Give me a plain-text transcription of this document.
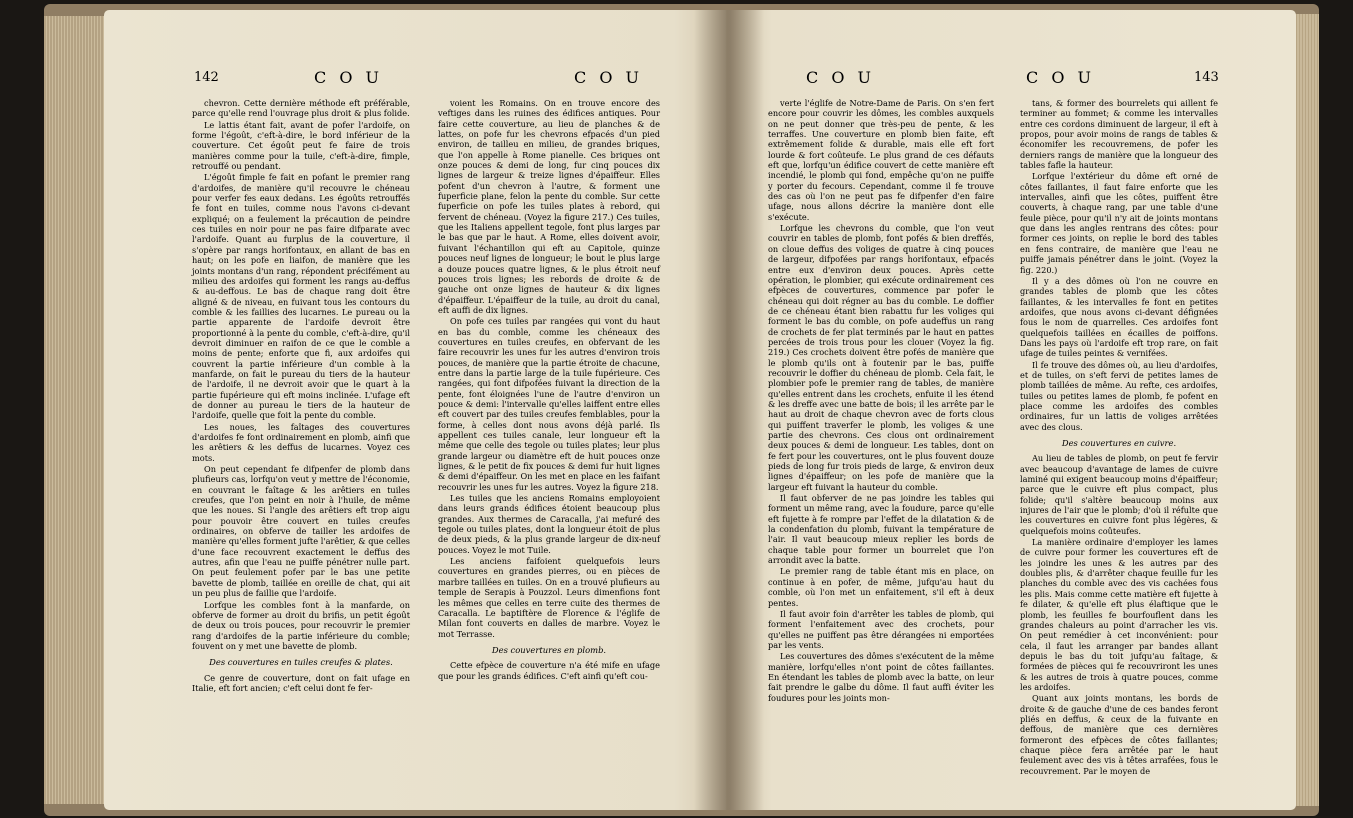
142	C O U	C O U

chevron. Cette dernière méthode eft préférable, parce qu'elle rend l'ouvrage plus droit & plus folide.

Le lattis étant fait, avant de pofer l'ardoife, on forme l'égoût, c'eft-à-dire, le bord inférieur de la couverture. Cet égoût peut fe faire de trois manières comme pour la tuile, c'eft-à-dire, fimple, retrouffé ou pendant.

L'égoût fimple fe fait en pofant le premier rang d'ardoifes, de manière qu'il recouvre le chéneau pour verfer fes eaux dedans. Les égoûts retrouffés fe font en tuiles, comme nous l'avons ci-devant expliqué; on a feulement la précaution de peindre ces tuiles en noir pour ne pas faire difparate avec l'ardoife. Quant au furplus de la couverture, il s'opère par rangs horifontaux, en allant de bas en haut; on les pofe en liaifon, de manière que les joints montans d'un rang, répondent précifément au milieu des ardoifes qui forment les rangs au-deffus & au-deffous. Le bas de chaque rang doit être aligné & de niveau, en fuivant tous les contours du comble & les faillies des lucarnes. Le pureau ou la partie apparente de l'ardoife devroit être proportionné à la pente du comble, c'eft-à-dire, qu'il devroit diminuer en raifon de ce que le comble a moins de pente; enforte que fi, aux ardoifes qui couvrent la partie inférieure d'un comble à la manfarde, on fait le pureau du tiers de la hauteur de l'ardoife, il ne devroit avoir que le quart à la partie fupérieure qui eft moins inclinée. L'ufage eft de donner au pureau le tiers de la hauteur de l'ardoife, quelle que foit la pente du comble.

Les noues, les faîtages des couvertures d'ardoifes fe font ordinairement en plomb, ainfi que les arêtiers & les deffus de lucarnes. Voyez ces mots.

On peut cependant fe difpenfer de plomb dans plufieurs cas, lorfqu'on veut y mettre de l'économie, en couvrant le faîtage & les arêtiers en tuiles creufes, que l'on peint en noir à l'huile, de même que les noues. Si l'angle des arêtiers eft trop aigu pour pouvoir être couvert en tuiles creufes ordinaires, on obferve de tailler les ardoifes de manière qu'elles forment jufte l'arêtier, & que celles d'une face recouvrent exactement le deffus des autres, afin que l'eau ne puiffe pénétrer nulle part. On peut feulement pofer par le bas une petite bavette de plomb, taillée en oreille de chat, qui ait un peu plus de faillie que l'ardoife.

Lorfque les combles font à la manfarde, on obferve de former au droit du brifis, un petit égoût de deux ou trois pouces, pour recouvrir le premier rang d'ardoifes de la partie inférieure du comble; fouvent on y met une bavette de plomb.

Des couvertures en tuiles creufes & plates.

Ce genre de couverture, dont on fait ufage en Italie, eft fort ancien; c'eft celui dont fe fer-

voient les Romains. On en trouve encore des veftiges dans les ruines des édifices antiques. Pour faire cette couverture, au lieu de planches & de lattes, on pofe fur les chevrons efpacés d'un pied environ, de tailleu en milieu, de grandes briques, que l'on appelle à Rome pianelle. Ces briques ont onze pouces & demi de long, fur cinq pouces dix lignes de largeur & treize lignes d'épaiffeur. Elles pofent d'un chevron à l'autre, & forment une fuperficie plane, felon la pente du comble. Sur cette fuperficie on pofe les tuiles plates à rebord, qui fervent de chéneau. (Voyez la figure 217.) Ces tuiles, que les Italiens appellent tegole, font plus larges par le bas que par le haut. A Rome, elles doivent avoir, fuivant l'échantillon qui eft au Capitole, quinze pouces neuf lignes de longueur; le bout le plus large a douze pouces quatre lignes, & le plus étroit neuf pouces trois lignes; les rebords de droite & de gauche ont onze lignes de hauteur & dix lignes d'épaiffeur. L'épaiffeur de la tuile, au droit du canal, eft auffi de dix lignes.

On pofe ces tuiles par rangées qui vont du haut en bas du comble, comme les chéneaux des couvertures en tuiles creufes, en obfervant de les faire recouvrir les unes fur les autres d'environ trois pouces, de manière que la partie étroite de chacune, entre dans la partie large de la tuile fupérieure. Ces rangées, qui font difpofées fuivant la direction de la pente, font éloignées l'une de l'autre d'environ un pouce & demi: l'intervalle qu'elles laiffent entre elles eft couvert par des tuiles creufes femblables, pour la forme, à celles dont nous avons déjà parlé. Ils appellent ces tuiles canale, leur longueur eft la même que celle des tegole ou tuiles plates; leur plus grande largeur ou diamètre eft de huit pouces onze lignes, & le petit de fix pouces & demi fur huit lignes & demi d'épaiffeur. On les met en place en les faifant recouvrir les unes fur les autres. Voyez la figure 218.

Les tuiles que les anciens Romains employoient dans leurs grands édifices étoient beaucoup plus grandes. Aux thermes de Caracalla, j'ai mefuré des tegole ou tuiles plates, dont la longueur étoit de plus de deux pieds, & la plus grande largeur de dix-neuf pouces. Voyez le mot Tuile.

Les anciens faifoient quelquefois leurs couvertures en grandes pierres, ou en pièces de marbre taillées en tuiles. On en a trouvé plufieurs au temple de Serapis à Pouzzol. Leurs dimenfions font les mêmes que celles en terre cuite des thermes de Caracalla. Le baptiftère de Florence & l'églife de Milan font couverts en dalles de marbre. Voyez le mot Terrasse.

Des couvertures en plomb.

Cette efpèce de couverture n'a été mife en ufage que pour les grands édifices. C'eft ainfi qu'eft cou-

C O U	C O U	143

verte l'églife de Notre-Dame de Paris. On s'en fert encore pour couvrir les dômes, les combles auxquels on ne peut donner que très-peu de pente, & les terraffes. Une couverture en plomb bien faite, eft extrêmement folide & durable, mais elle eft fort lourde & fort coûteufe. Le plus grand de ces défauts eft que, lorfqu'un édifice couvert de cette manière eft incendié, le plomb qui fond, empêche qu'on ne puiffe y porter du fecours. Cependant, comme il fe trouve des cas où l'on ne peut pas fe difpenfer d'en faire ufage, nous allons décrire la manière dont elle s'exécute.

Lorfque les chevrons du comble, que l'on veut couvrir en tables de plomb, font pofés & bien dreffés, on cloue deffus des voliges de quatre à cinq pouces de largeur, difpofées par rangs horifontaux, efpacés entre eux d'environ deux pouces. Après cette opération, le plombier, qui exécute ordinairement ces efpèces de couvertures, commence par pofer le chéneau qui doit régner au bas du comble. Le doffier de ce chéneau étant bien rabattu fur les voliges qui forment le bas du comble, on pofe audeffus un rang de crochets de fer plat terminés par le haut en pattes percées de trois trous pour les clouer (Voyez la fig. 219.) Ces crochets doivent être pofés de manière que le plomb qu'ils ont à foutenir par le bas, puiffe recouvrir le doffier du chéneau de plomb. Cela fait, le plombier pofe le premier rang de tables, de manière qu'elles entrent dans les crochets, enfuite il les étend & les dreffe avec une batte de bois; il les arrête par le haut au droit de chaque chevron avec de forts clous qui puiffent traverfer le plomb, les voliges & une partie des chevrons. Ces clous ont ordinairement deux pouces & demi de longueur. Les tables, dont on fe fert pour les couvertures, ont le plus fouvent douze pieds de long fur trois pieds de large, & environ deux lignes d'épaiffeur; on les pofe de manière que la largeur eft fuivant la hauteur du comble.

Il faut obferver de ne pas joindre les tables qui forment un même rang, avec la foudure, parce qu'elle eft fujette à fe rompre par l'effet de la dilatation & de la condenfation du plomb, fuivant la température de l'air. Il vaut beaucoup mieux replier les bords de chaque table pour former un bourrelet que l'on arrondit avec la batte.

Le premier rang de table étant mis en place, on continue à en pofer, de même, jufqu'au haut du comble, où l'on met un enfaitement, s'il eft à deux pentes.

Il faut avoir foin d'arrêter les tables de plomb, qui forment l'enfaitement avec des crochets, pour qu'elles ne puiffent pas être dérangées ni emportées par les vents.

Les couvertures des dômes s'exécutent de la même manière, lorfqu'elles n'ont point de côtes faillantes. En étendant les tables de plomb avec la batte, on leur fait prendre le galbe du dôme. Il faut auffi éviter les foudures pour les joints mon-

tans, & former des bourrelets qui aillent fe terminer au fommet; & comme les intervalles entre ces cordons diminuent de largeur, il eft à propos, pour avoir moins de rangs de tables & économifer les recouvremens, de pofer les derniers rangs de manière que la longueur des tables fafle la hauteur.

Lorfque l'extérieur du dôme eft orné de côtes faillantes, il faut faire enforte que les intervalles, ainfi que les côtes, puiffent être couverts, à chaque rang, par une table d'une feule pièce, pour qu'il n'y ait de joints montans que dans les angles rentrans des côtes: pour former ces joints, on replie le bord des tables en fens contraire, de manière que l'eau ne puiffe jamais pénétrer dans le joint. (Voyez la fig. 220.)

Il y a des dômes où l'on ne couvre en grandes tables de plomb que les côtes faillantes, & les intervalles fe font en petites ardoifes, que nous avons ci-devant défignées fous le nom de quarrelles. Ces ardoifes font quelquefois taillées en écailles de poiffons. Dans les pays où l'ardoife eft trop rare, on fait ufage de tuiles peintes & vernifées.

Il fe trouve des dômes où, au lieu d'ardoifes, et de tuiles, on s'eft fervi de petites lames de plomb taillées de même. Au refte, ces ardoifes, tuiles ou petites lames de plomb, fe pofent en place comme les ardoifes des combles ordinaires, fur un lattis de voliges arrêtées avec des clous.

Des couvertures en cuivre.

Au lieu de tables de plomb, on peut fe fervir avec beaucoup d'avantage de lames de cuivre laminé qui exigent beaucoup moins d'épaiffeur; parce que le cuivre eft plus compact, plus folide; qu'il s'altère beaucoup moins aux injures de l'air que le plomb; d'où il réfulte que les couvertures en cuivre font plus légères, & quelquefois moins coûteufes.

La manière ordinaire d'employer les lames de cuivre pour former les couvertures eft de les joindre les unes & les autres par des doubles plis, & d'arrêter chaque feuille fur les planches du comble avec des vis cachées fous les plis. Mais comme cette matière eft fujette à fe dilater, & qu'elle eft plus élaftique que le plomb, les feuilles fe bourfouflent dans les grandes chaleurs au point d'arracher les vis. On peut remédier à cet inconvénient: pour cela, il faut les arranger par bandes allant depuis le bas du toit jufqu'au faîtage, & formées de pièces qui fe recouvriront les unes & les autres de trois à quatre pouces, comme les ardoifes.

Quant aux joints montans, les bords de droite & de gauche d'une de ces bandes feront pliés en deffus, & ceux de la fuivante en deffous, de manière que ces dernières formeront des efpèces de côtes faillantes; chaque pièce fera arrêtée par le haut feulement avec des vis à têtes arrafées, fous le recouvrement. Par le moyen de
